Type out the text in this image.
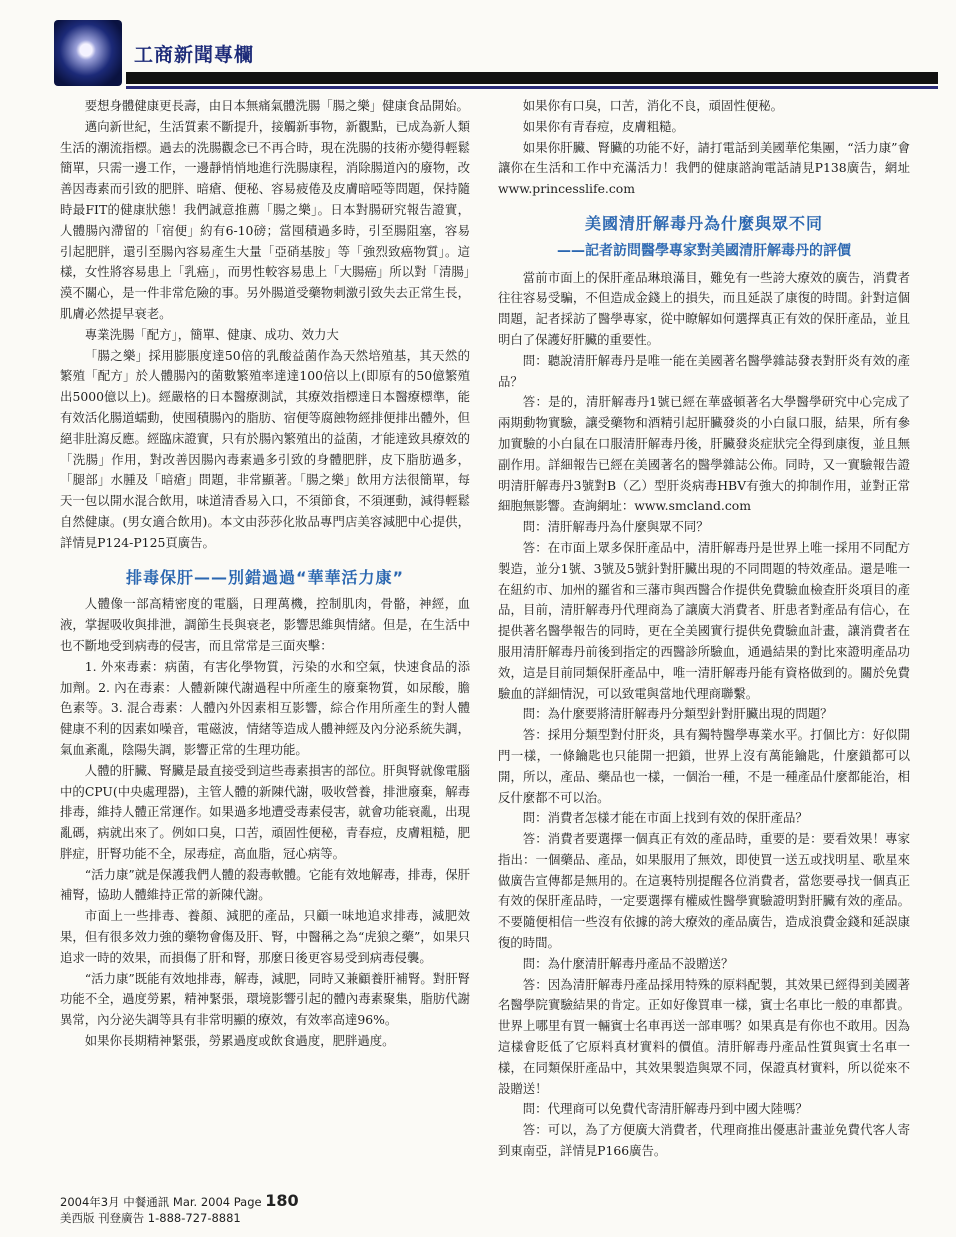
工商新聞專欄

要想身體健康更長壽，由日本無痛氣體洗腸「腸之樂」健康食品開始。

邁向新世紀，生活質素不斷提升，接觸新事物，新觀點，已成為新人類生活的潮流指標。過去的洗腸觀念已不再合時，現在洗腸的技術亦變得輕鬆簡單，只需一邊工作，一邊靜悄悄地進行洗腸康程，消除腸道內的廢物，改善因毒素而引致的肥胖、暗瘡、便秘、容易疲倦及皮膚暗啞等問題，保持隨時最FIT的健康狀態！我們誠意推薦「腸之樂」。日本對腸研究報告證實，人體腸內滯留的「宿便」約有6-10磅；當囤積過多時，引至腸阻塞，容易引起肥胖，還引至腸內容易產生大量「亞硝基胺」等「強烈致癌物質」。這樣，女性將容易患上「乳癌」，而男性較容易患上「大腸癌」所以對「清腸」漠不關心，是一件非常危險的事。另外腸道受藥物刺激引致失去正常生長，肌膚必然提早衰老。

專業洗腸「配方」，簡單、健康、成功、效力大

「腸之樂」採用膨脹度達50倍的乳酸益菌作為天然培殖基，其天然的繁殖「配方」於人體腸內的菌數繁殖率達達100倍以上(即原有的50億繁殖出5000億以上)。經嚴格的日本醫療測試，其療效指標達日本醫療標準，能有效活化腸道蠕動，使囤積腸內的脂肪、宿便等腐蝕物經排便排出體外，但絕非肚瀉反應。經臨床證實，只有於腸內繁殖出的益菌，才能達致具療效的「洗腸」作用，對改善因腸內毒素過多引致的身體肥胖，皮下脂肪過多，「腿部」水腫及「暗瘡」問題，非常顯著。「腸之樂」飲用方法很簡單，每天一包以開水混合飲用，味道清香易入口，不須節食，不須運動，減得輕鬆自然健康。(男女適合飲用)。本文由莎莎化妝品專門店美容減肥中心提供，詳情見P124-P125頁廣告。

排毒保肝——別錯過過“華華活力康”

人體像一部高精密度的電腦，日理萬機，控制肌肉，骨骼，神經，血液，掌握吸收與排泄，調節生長與衰老，影響思維與情緒。但是，在生活中也不斷地受到病毒的侵害，而且常常是三面夾擊：

1. 外來毒素：病菌，有害化學物質，污染的水和空氣，快速食品的添加劑。2. 內在毒素：人體新陳代謝過程中所產生的廢棄物質，如尿酸，膽色素等。3. 混合毒素：人體內外因素相互影響，綜合作用所產生的對人體健康不利的因素如噪音，電磁波，情緒等造成人體神經及內分泌系統失調，氣血紊亂，陰陽失調，影響正常的生理功能。

人體的肝臟、腎臟是最直接受到這些毒素損害的部位。肝與腎就像電腦中的CPU(中央處理器)，主管人體的新陳代謝，吸收營養，排泄廢棄，解毒排毒，維持人體正常運作。如果過多地遭受毒素侵害，就會功能衰亂，出現亂碼，病就出來了。例如口臭，口苦，頑固性便秘，青春痘，皮膚粗糙，肥胖症，肝腎功能不全，尿毒症，高血脂，冠心病等。

“活力康”就是保護我們人體的殺毒軟體。它能有效地解毒，排毒，保肝補腎，協助人體維持正常的新陳代謝。

市面上一些排毒、養顏、減肥的產品，只顧一味地追求排毒，減肥效果，但有很多效力強的藥物會傷及肝、腎，中醫稱之為“虎狼之藥”，如果只追求一時的效果，而損傷了肝和腎，那麼日後更容易受到病毒侵襲。

“活力康”既能有效地排毒，解毒，減肥，同時又兼顧養肝補腎。對肝腎功能不全，過度勞累，精神緊張，環境影響引起的體內毒素聚集，脂肪代謝異常，內分泌失調等具有非常明顯的療效，有效率高達96%。

如果你長期精神緊張，勞累過度或飲食過度，肥胖過度。

如果你有口臭，口苦，消化不良，頑固性便秘。

如果你有青春痘，皮膚粗糙。

如果你肝臟、腎臟的功能不好，請打電話到美國華佗集團，“活力康”會讓你在生活和工作中充滿活力！我們的健康諮詢電話請見P138廣告，網址www.princesslife.com

美國清肝解毒丹為什麼與眾不同
——記者訪問醫學專家對美國清肝解毒丹的評價

當前市面上的保肝產品琳琅滿目，難免有一些誇大療效的廣告，消費者往往容易受騙，不但造成金錢上的損失，而且延誤了康復的時間。針對這個問題，記者採訪了醫學專家，從中瞭解如何選擇真正有效的保肝產品，並且明白了保護好肝臟的重要性。

問：聽說清肝解毒丹是唯一能在美國著名醫學雜誌發表對肝炎有效的產品？

答：是的，清肝解毒丹1號已經在華盛頓著名大學醫學研究中心完成了兩期動物實驗，讓受藥物和酒精引起肝臟發炎的小白鼠口服，結果，所有參加實驗的小白鼠在口服清肝解毒丹後，肝臟發炎症狀完全得到康復，並且無副作用。詳細報告已經在美國著名的醫學雜誌公佈。同時，又一實驗報告證明清肝解毒丹3號對B（乙）型肝炎病毒HBV有強大的抑制作用，並對正常細胞無影響。查詢網址：www.smcland.com

問：清肝解毒丹為什麼與眾不同？

答：在市面上眾多保肝產品中，清肝解毒丹是世界上唯一採用不同配方製造，並分1號、3號及5號針對肝臟出現的不同問題的特效產品。還是唯一在紐約市、加州的羅省和三藩市與西醫合作提供免費驗血檢查肝炎項目的產品，目前，清肝解毒丹代理商為了讓廣大消費者、肝患者對產品有信心，在提供著名醫學報告的同時，更在全美國實行提供免費驗血計畫，讓消費者在服用清肝解毒丹前後到指定的西醫診所驗血，通過結果的對比來證明產品功效，這是目前同類保肝產品中，唯一清肝解毒丹能有資格做到的。關於免費驗血的詳細情況，可以致電與當地代理商聯繫。

問：為什麼要將清肝解毒丹分類型針對肝臟出現的問題？

答：採用分類型對付肝炎，具有獨特醫學專業水平。打個比方：好似開門一樣，一條鑰匙也只能開一把鎖，世界上沒有萬能鑰匙，什麼鎖都可以開，所以，產品、藥品也一樣，一個治一種，不是一種產品什麼都能治，相反什麼都不可以治。

問：消費者怎樣才能在市面上找到有效的保肝產品？

答：消費者要選擇一個真正有效的產品時，重要的是：要看效果！專家指出：一個藥品、產品，如果服用了無效，即使買一送五或找明星、歌星來做廣告宣傳都是無用的。在這裏特別提醒各位消費者，當您要尋找一個真正有效的保肝產品時，一定要選擇有權威性醫學實驗證明對肝臟有效的產品。不要隨便相信一些沒有依據的誇大療效的產品廣告，造成浪費金錢和延誤康復的時間。

問：為什麼清肝解毒丹產品不設贈送？

答：因為清肝解毒丹產品採用特殊的原料配製，其效果已經得到美國著名醫學院實驗結果的肯定。正如好像買車一樣，賓士名車比一般的車都貴。世界上哪里有買一輛賓士名車再送一部車嗎？如果真是有你也不敢用。因為這樣會貶低了它原料真材實料的價值。清肝解毒丹產品性質與賓士名車一樣，在同類保肝產品中，其效果製造與眾不同，保證真材實料，所以從來不設贈送！

問：代理商可以免費代寄清肝解毒丹到中國大陸嗎？

答：可以，為了方便廣大消費者，代理商推出優惠計畫並免費代客人寄到東南亞，詳情見P166廣告。

2004年3月 中餐通訊 Mar. 2004 Page 180
美西版 刊登廣告 1-888-727-8881
